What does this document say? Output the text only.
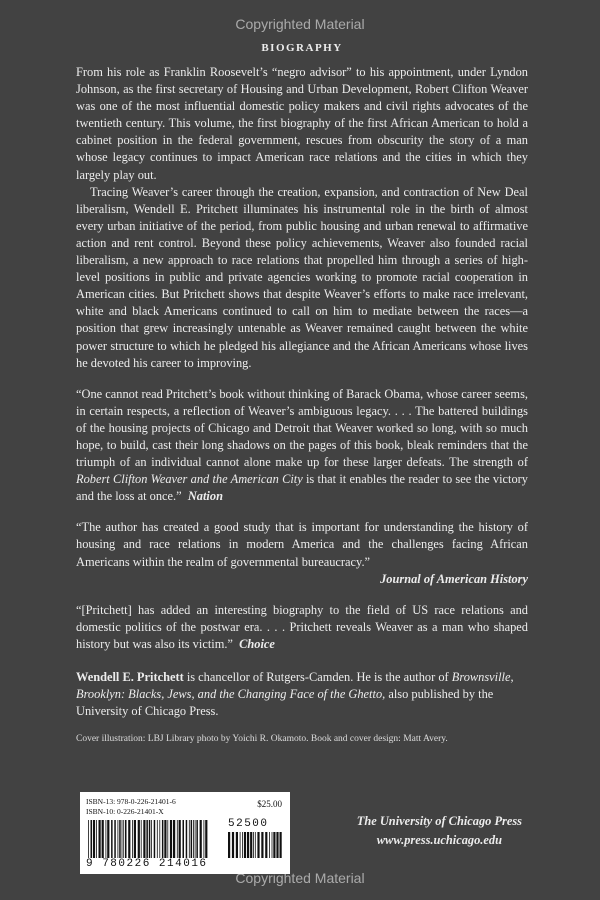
Copyrighted Material
BIOGRAPHY

From his role as Franklin Roosevelt’s “negro advisor” to his appointment, under Lyndon Johnson, as the first secretary of Housing and Urban Development, Robert Clifton Weaver was one of the most influential domestic policy makers and civil rights advocates of the twentieth century. This volume, the first biography of the first African American to hold a cabinet position in the federal government, rescues from obscurity the story of a man whose legacy continues to impact American race relations and the cities in which they largely play out.

Tracing Weaver’s career through the creation, expansion, and contraction of New Deal liberalism, Wendell E. Pritchett illuminates his instrumental role in the birth of almost every urban initiative of the period, from public housing and urban renewal to affirmative action and rent control. Beyond these policy achievements, Weaver also founded racial liberalism, a new approach to race relations that propelled him through a series of high-level positions in public and private agencies working to promote racial cooperation in American cities. But Pritchett shows that despite Weaver’s efforts to make race irrelevant, white and black Americans continued to call on him to mediate between the races—a position that grew increasingly untenable as Weaver remained caught between the white power structure to which he pledged his allegiance and the African Americans whose lives he devoted his career to improving.

“One cannot read Pritchett’s book without thinking of Barack Obama, whose career seems, in certain respects, a reflection of Weaver’s ambiguous legacy. . . . The battered buildings of the housing projects of Chicago and Detroit that Weaver worked so long, with so much hope, to build, cast their long shadows on the pages of this book, bleak reminders that the triumph of an individual cannot alone make up for these larger defeats. The strength of Robert Clifton Weaver and the American City is that it enables the reader to see the victory and the loss at once.” Nation

“The author has created a good study that is important for understanding the history of housing and race relations in modern America and the challenges facing African Americans within the realm of governmental bureaucracy.”
Journal of American History

“[Pritchett] has added an interesting biography to the field of US race relations and domestic politics of the postwar era. . . . Pritchett reveals Weaver as a man who shaped history but was also its victim.” Choice

Wendell E. Pritchett is chancellor of Rutgers-Camden. He is the author of Brownsville, Brooklyn: Blacks, Jews, and the Changing Face of the Ghetto, also published by the University of Chicago Press.

Cover illustration: LBJ Library photo by Yoichi R. Okamoto. Book and cover design: Matt Avery.

ISBN-13: 978-0-226-21401-6
ISBN-10: 0-226-21401-X
$25.00
52500
9 780226 214016
The University of Chicago Press
www.press.uchicago.edu
Copyrighted Material
